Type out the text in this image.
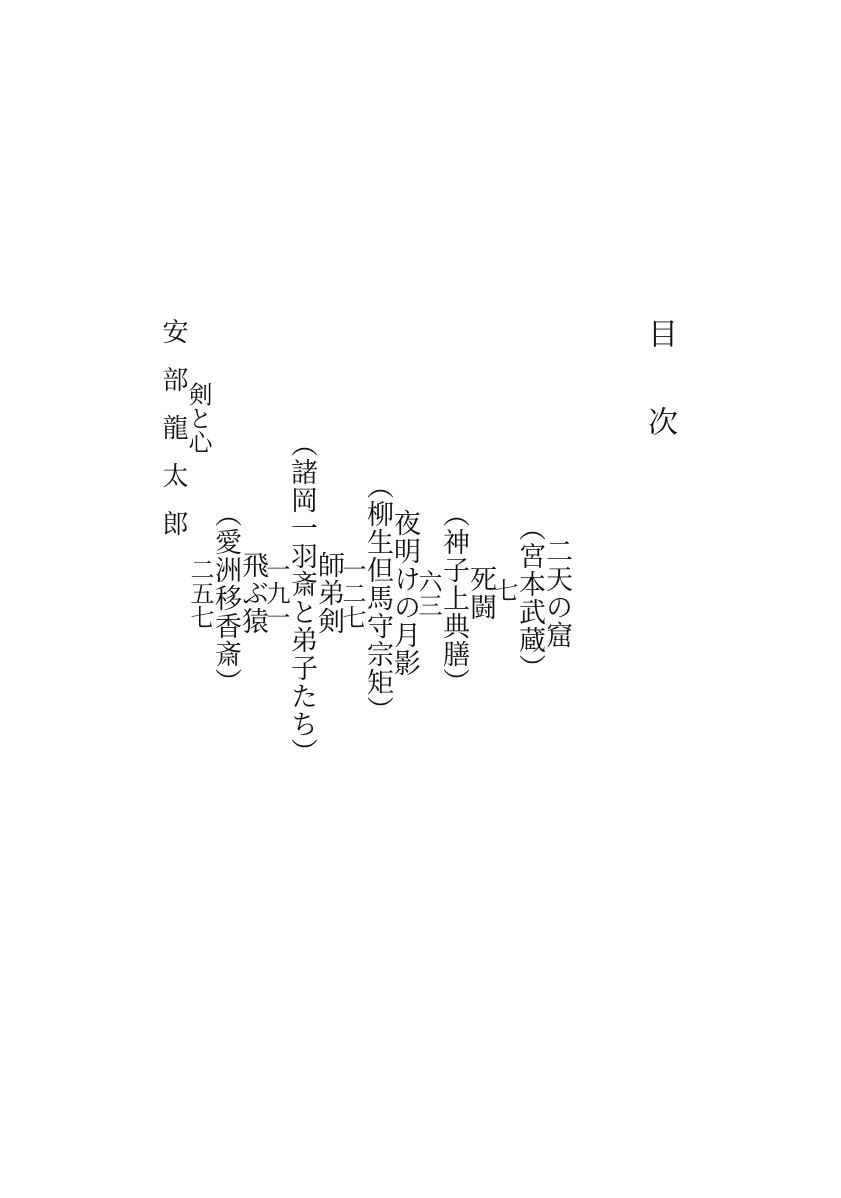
目次
二天の窟
（宮本武蔵）
七
死闘
（神子上典膳）
六三
夜明けの月影
（柳生但馬守宗矩）
一二七
師弟剣
（諸岡一羽斎と弟子たち）
一九一
飛ぶ猿
（愛洲移香斎）
二五七
剣と心
安部龍太郎
